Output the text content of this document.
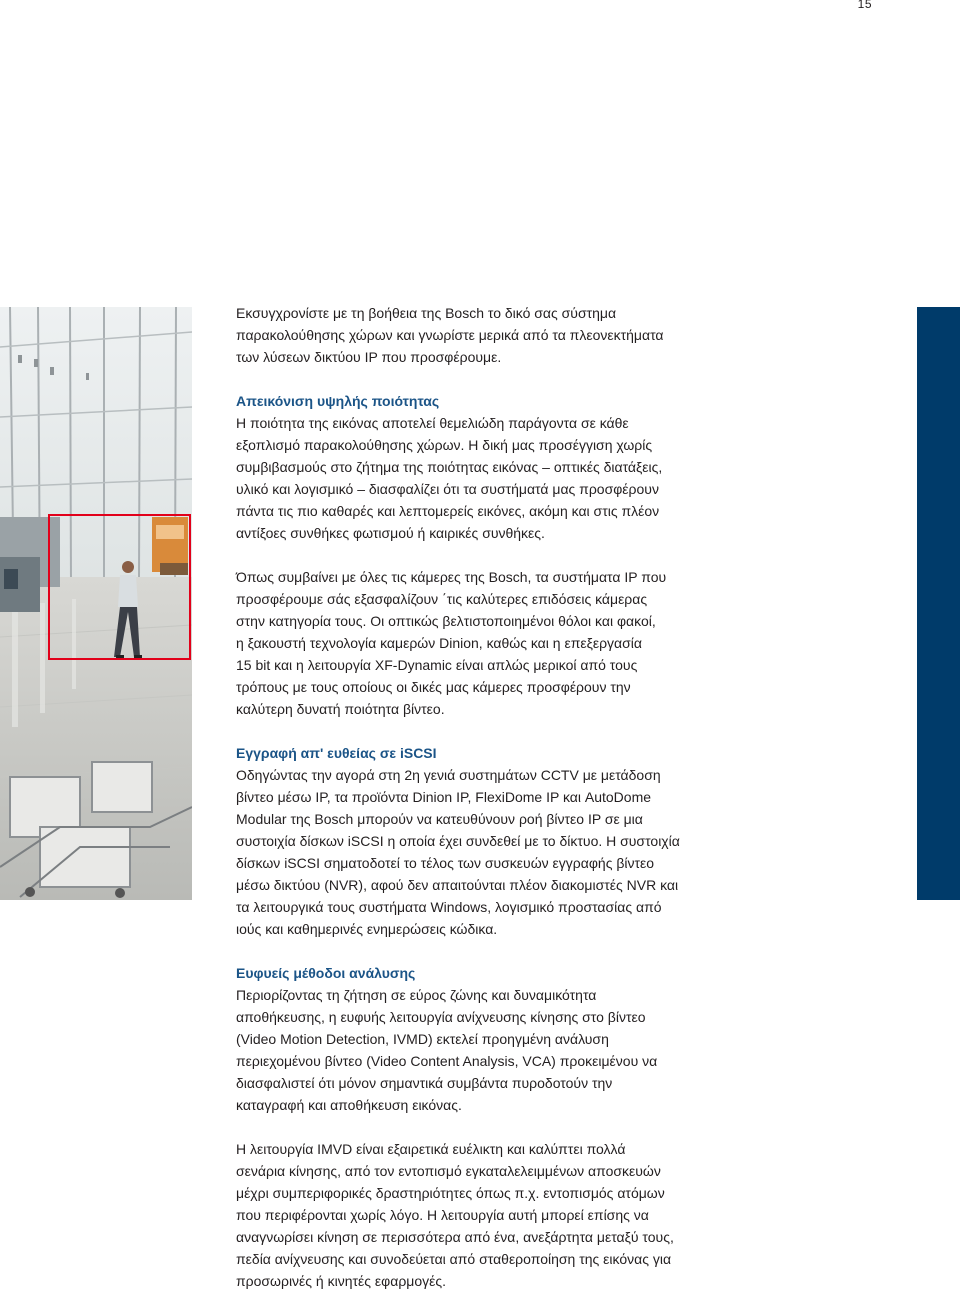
15

Εκσυγχρονίστε με τη βοήθεια της Bosch το δικό σας σύστημα
παρακολούθησης χώρων και γνωρίστε μερικά από τα πλεονεκτήματα
των λύσεων δικτύου IP που προσφέρουμε.

Απεικόνιση υψηλής ποιότητας

Η ποιότητα της εικόνας αποτελεί θεμελιώδη παράγοντα σε κάθε
εξοπλισμό παρακολούθησης χώρων. Η δική μας προσέγγιση χωρίς
συμβιβασμούς στο ζήτημα της ποιότητας εικόνας – οπτικές διατάξεις,
υλικό και λογισμικό – διασφαλίζει ότι τα συστήματά μας προσφέρουν
πάντα τις πιο καθαρές και λεπτομερείς εικόνες, ακόμη και στις πλέον
αντίξοες συνθήκες φωτισμού ή καιρικές συνθήκες.

Όπως συμβαίνει με όλες τις κάμερες της Bosch, τα συστήματα IP που
προσφέρουμε σάς εξασφαλίζουν ΄τις καλύτερες επιδόσεις κάμερας
στην κατηγορία τους. Οι οπτικώς βελτιστοποιημένοι θόλοι και φακοί,
η ξακουστή τεχνολογία καμερών Dinion, καθώς και η επεξεργασία
15 bit και η λειτουργία XF-Dynamic είναι απλώς μερικοί από τους
τρόπους με τους οποίους οι δικές μας κάμερες προσφέρουν την
καλύτερη δυνατή ποιότητα βίντεο.

Εγγραφή απ' ευθείας σε iSCSI

Οδηγώντας την αγορά στη 2η γενιά συστημάτων CCTV με μετάδοση
βίντεο μέσω IP, τα προϊόντα Dinion IP, FlexiDome IP και AutoDome
Modular της Bosch μπορούν να κατευθύνουν ροή βίντεο IP σε μια
συστοιχία δίσκων iSCSI η οποία έχει συνδεθεί με το δίκτυο. Η συστοιχία
δίσκων iSCSI σηματοδοτεί το τέλος των συσκευών εγγραφής βίντεο
μέσω δικτύου (NVR), αφού δεν απαιτούνται πλέον διακομιστές NVR και
τα λειτουργικά τους συστήματα Windows, λογισμικό προστασίας από
ιούς και καθημερινές ενημερώσεις κώδικα.

Ευφυείς μέθοδοι ανάλυσης

Περιορίζοντας τη ζήτηση σε εύρος ζώνης και δυναμικότητα
αποθήκευσης, η ευφυής λειτουργία ανίχνευσης κίνησης στο βίντεο
(Video Motion Detection, IVMD) εκτελεί προηγμένη ανάλυση
περιεχομένου βίντεο (Video Content Analysis, VCA) προκειμένου να
διασφαλιστεί ότι μόνον σημαντικά συμβάντα πυροδοτούν την
καταγραφή και αποθήκευση εικόνας.

Η λειτουργία IMVD είναι εξαιρετικά ευέλικτη και καλύπτει πολλά
σενάρια κίνησης, από τον εντοπισμό εγκαταλελειμμένων αποσκευών
μέχρι συμπεριφορικές δραστηριότητες όπως π.χ. εντοπισμός ατόμων
που περιφέρονται χωρίς λόγο. Η λειτουργία αυτή μπορεί επίσης να
αναγνωρίσει κίνηση σε περισσότερα από ένα, ανεξάρτητα μεταξύ τους,
πεδία ανίχνευσης και συνοδεύεται από σταθεροποίηση της εικόνας για
προσωρινές ή κινητές εφαρμογές.
